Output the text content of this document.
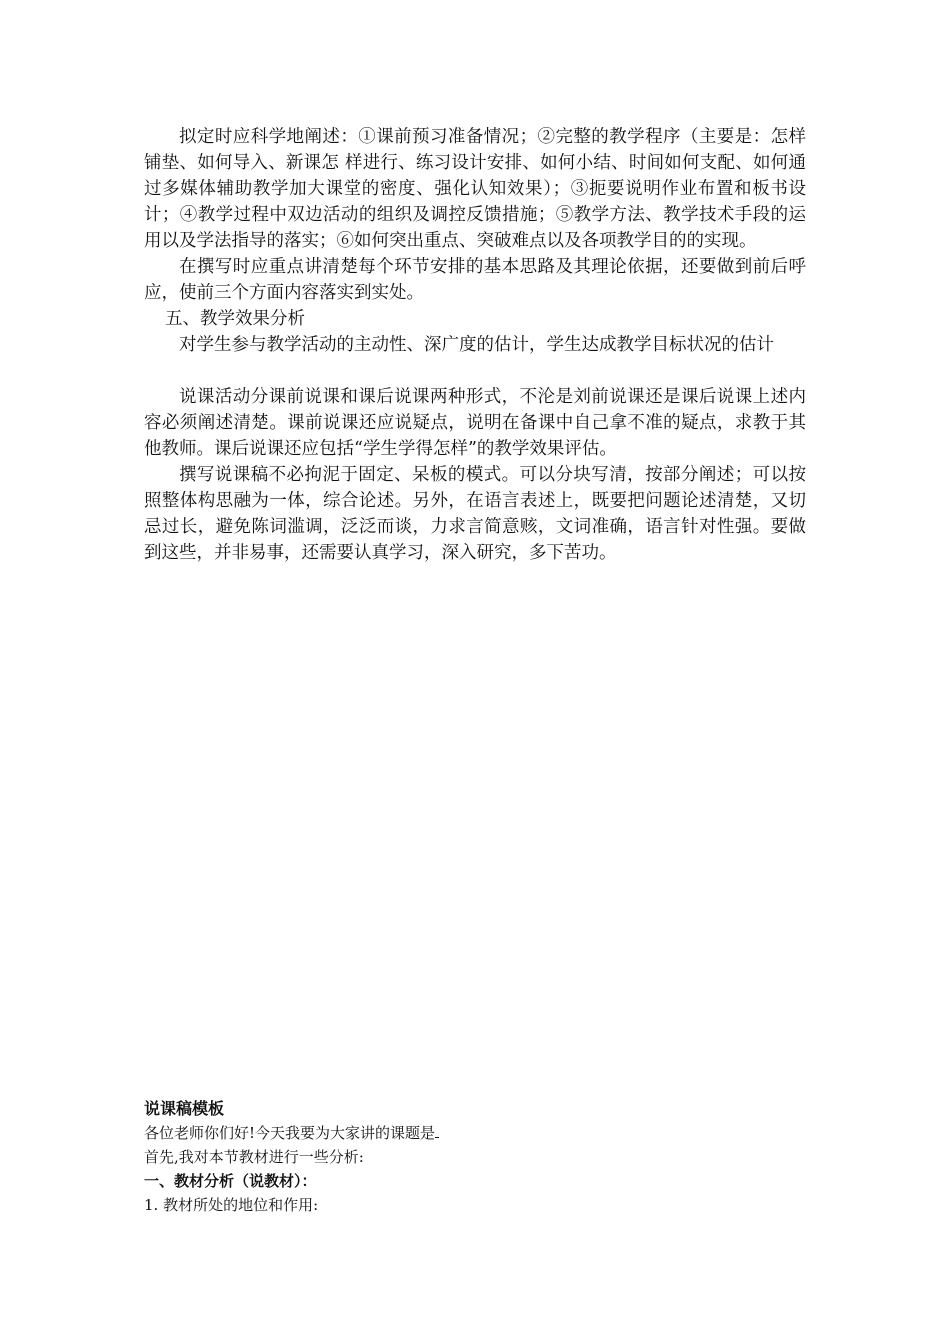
拟定时应科学地阐述：①课前预习准备情况；②完整的教学程序（主要是：怎样铺垫、如何导入、新课怎 样进行、练习设计安排、如何小结、时间如何支配、如何通过多媒体辅助教学加大课堂的密度、强化认知效果）；③扼要说明作业布置和板书设计；④教学过程中双边活动的组织及调控反馈措施；⑤教学方法、教学技术手段的运用以及学法指导的落实；⑥如何突出重点、突破难点以及各项教学目的的实现。

在撰写时应重点讲清楚每个环节安排的基本思路及其理论依据，还要做到前后呼应，使前三个方面内容落实到实处。

五、教学效果分析

对学生参与教学活动的主动性、深广度的估计，学生达成教学目标状况的估计

说课活动分课前说课和课后说课两种形式，不沦是刘前说课还是课后说课上述内容必须阐述清楚。课前说课还应说疑点，说明在备课中自己拿不准的疑点，求教于其他教师。课后说课还应包括“学生学得怎样”的教学效果评估。

撰写说课稿不必拘泥于固定、呆板的模式。可以分块写清，按部分阐述；可以按照整体构思融为一体，综合论述。另外，在语言表述上，既要把问题论述清楚，又切忌过长，避免陈词滥调，泛泛而谈，力求言简意赅，文词准确，语言针对性强。要做到这些，并非易事，还需要认真学习，深入研究，多下苦功。

说课稿模板

各位老师你们好!今天我要为大家讲的课题是

首先,我对本节教材进行一些分析:

一、教材分析（说教材）：

1. 教材所处的地位和作用:
